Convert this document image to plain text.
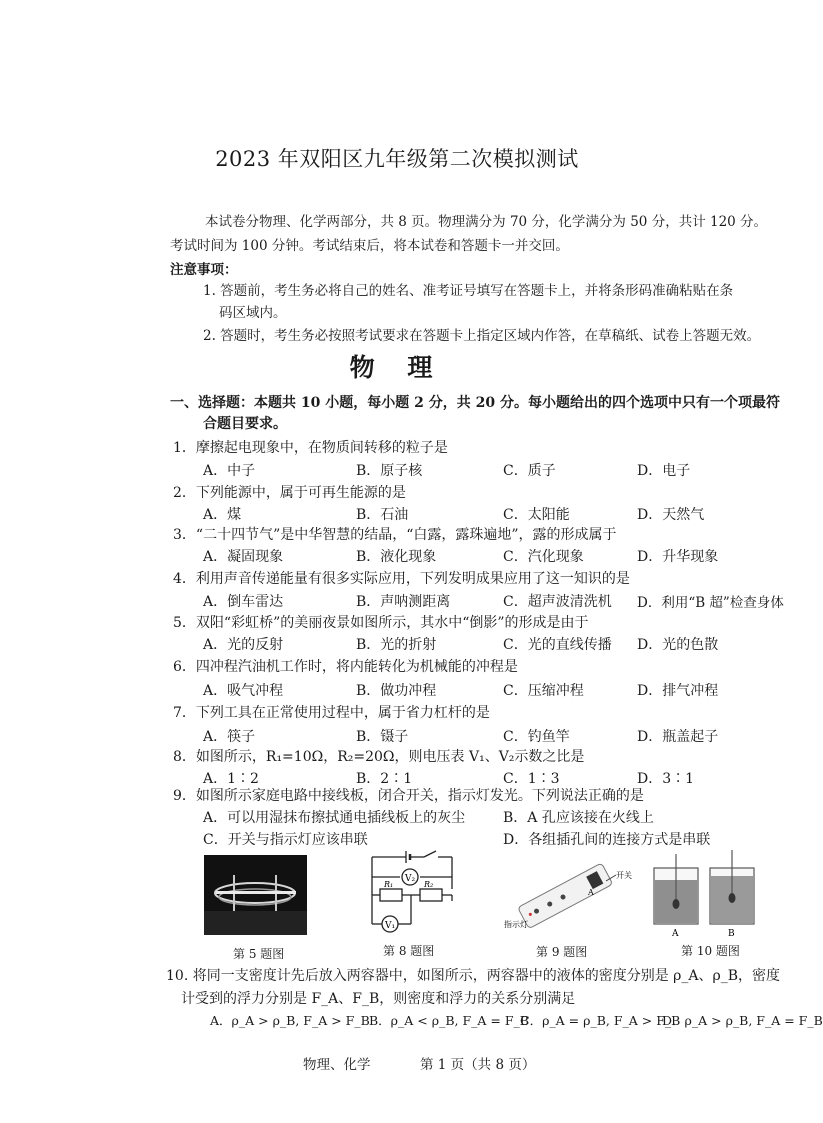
2023 年双阳区九年级第二次模拟测试
本试卷分物理、化学两部分，共 8 页。物理满分为 70 分，化学满分为 50 分，共计 120 分。
考试时间为 100 分钟。考试结束后，将本试卷和答题卡一并交回。
注意事项：
1. 答题前，考生务必将自己的姓名、准考证号填写在答题卡上，并将条形码准确粘贴在条
码区域内。
2. 答题时，考生务必按照考试要求在答题卡上指定区域内作答，在草稿纸、试卷上答题无效。
物 理
一、选择题：本题共 10 小题，每小题 2 分，共 20 分。每小题给出的四个选项中只有一个项最符
合题目要求。
1．摩擦起电现象中，在物质间转移的粒子是
A．中子	B．原子核	C．质子	D．电子
2．下列能源中，属于可再生能源的是
A．煤	B．石油	C．太阳能	D．天然气
3．“二十四节气”是中华智慧的结晶，“白露，露珠遍地”，露的形成属于
A．凝固现象	B．液化现象	C．汽化现象	D．升华现象
4．利用声音传递能量有很多实际应用，下列发明成果应用了这一知识的是
A．倒车雷达	B．声呐测距离	C．超声波清洗机 D．利用“B 超”检查身体
5．双阳“彩虹桥”的美丽夜景如图所示，其水中“倒影”的形成是由于
A．光的反射	B．光的折射	C．光的直线传播 D．光的色散
6．四冲程汽油机工作时，将内能转化为机械能的冲程是
A．吸气冲程	B．做功冲程	C．压缩冲程	D．排气冲程
7．下列工具在正常使用过程中，属于省力杠杆的是
A．筷子	B．镊子	C．钓鱼竿	D．瓶盖起子
8．如图所示，R₁=10Ω，R₂=20Ω，则电压表 V₁、V₂示数之比是
A．1∶2	B．2∶1	C．1∶3	D．3∶1
9．如图所示家庭电路中接线板，闭合开关，指示灯发光。下列说法正确的是
A．可以用湿抹布擦拭通电插线板上的灰尘	B．A 孔应该接在火线上
C．开关与指示灯应该串联	D．各组插孔间的连接方式是串联
V₂
V₁
R₁	R₂
开关
指示灯
A
A	B
第 5 题图	第 8 题图	第 9 题图	第 10 题图
10. 将同一支密度计先后放入两容器中，如图所示，两容器中的液体的密度分别是 ρ_A、ρ_B，密度
计受到的浮力分别是 F_A、F_B，则密度和浮力的关系分别满足
A．ρ_A > ρ_B, F_A > F_B B．ρ_A < ρ_B, F_A = F_B
C．ρ_A = ρ_B, F_A > F_B
D．ρ_A > ρ_B, F_A = F_B
物理、化学	第 1 页（共 8 页）
